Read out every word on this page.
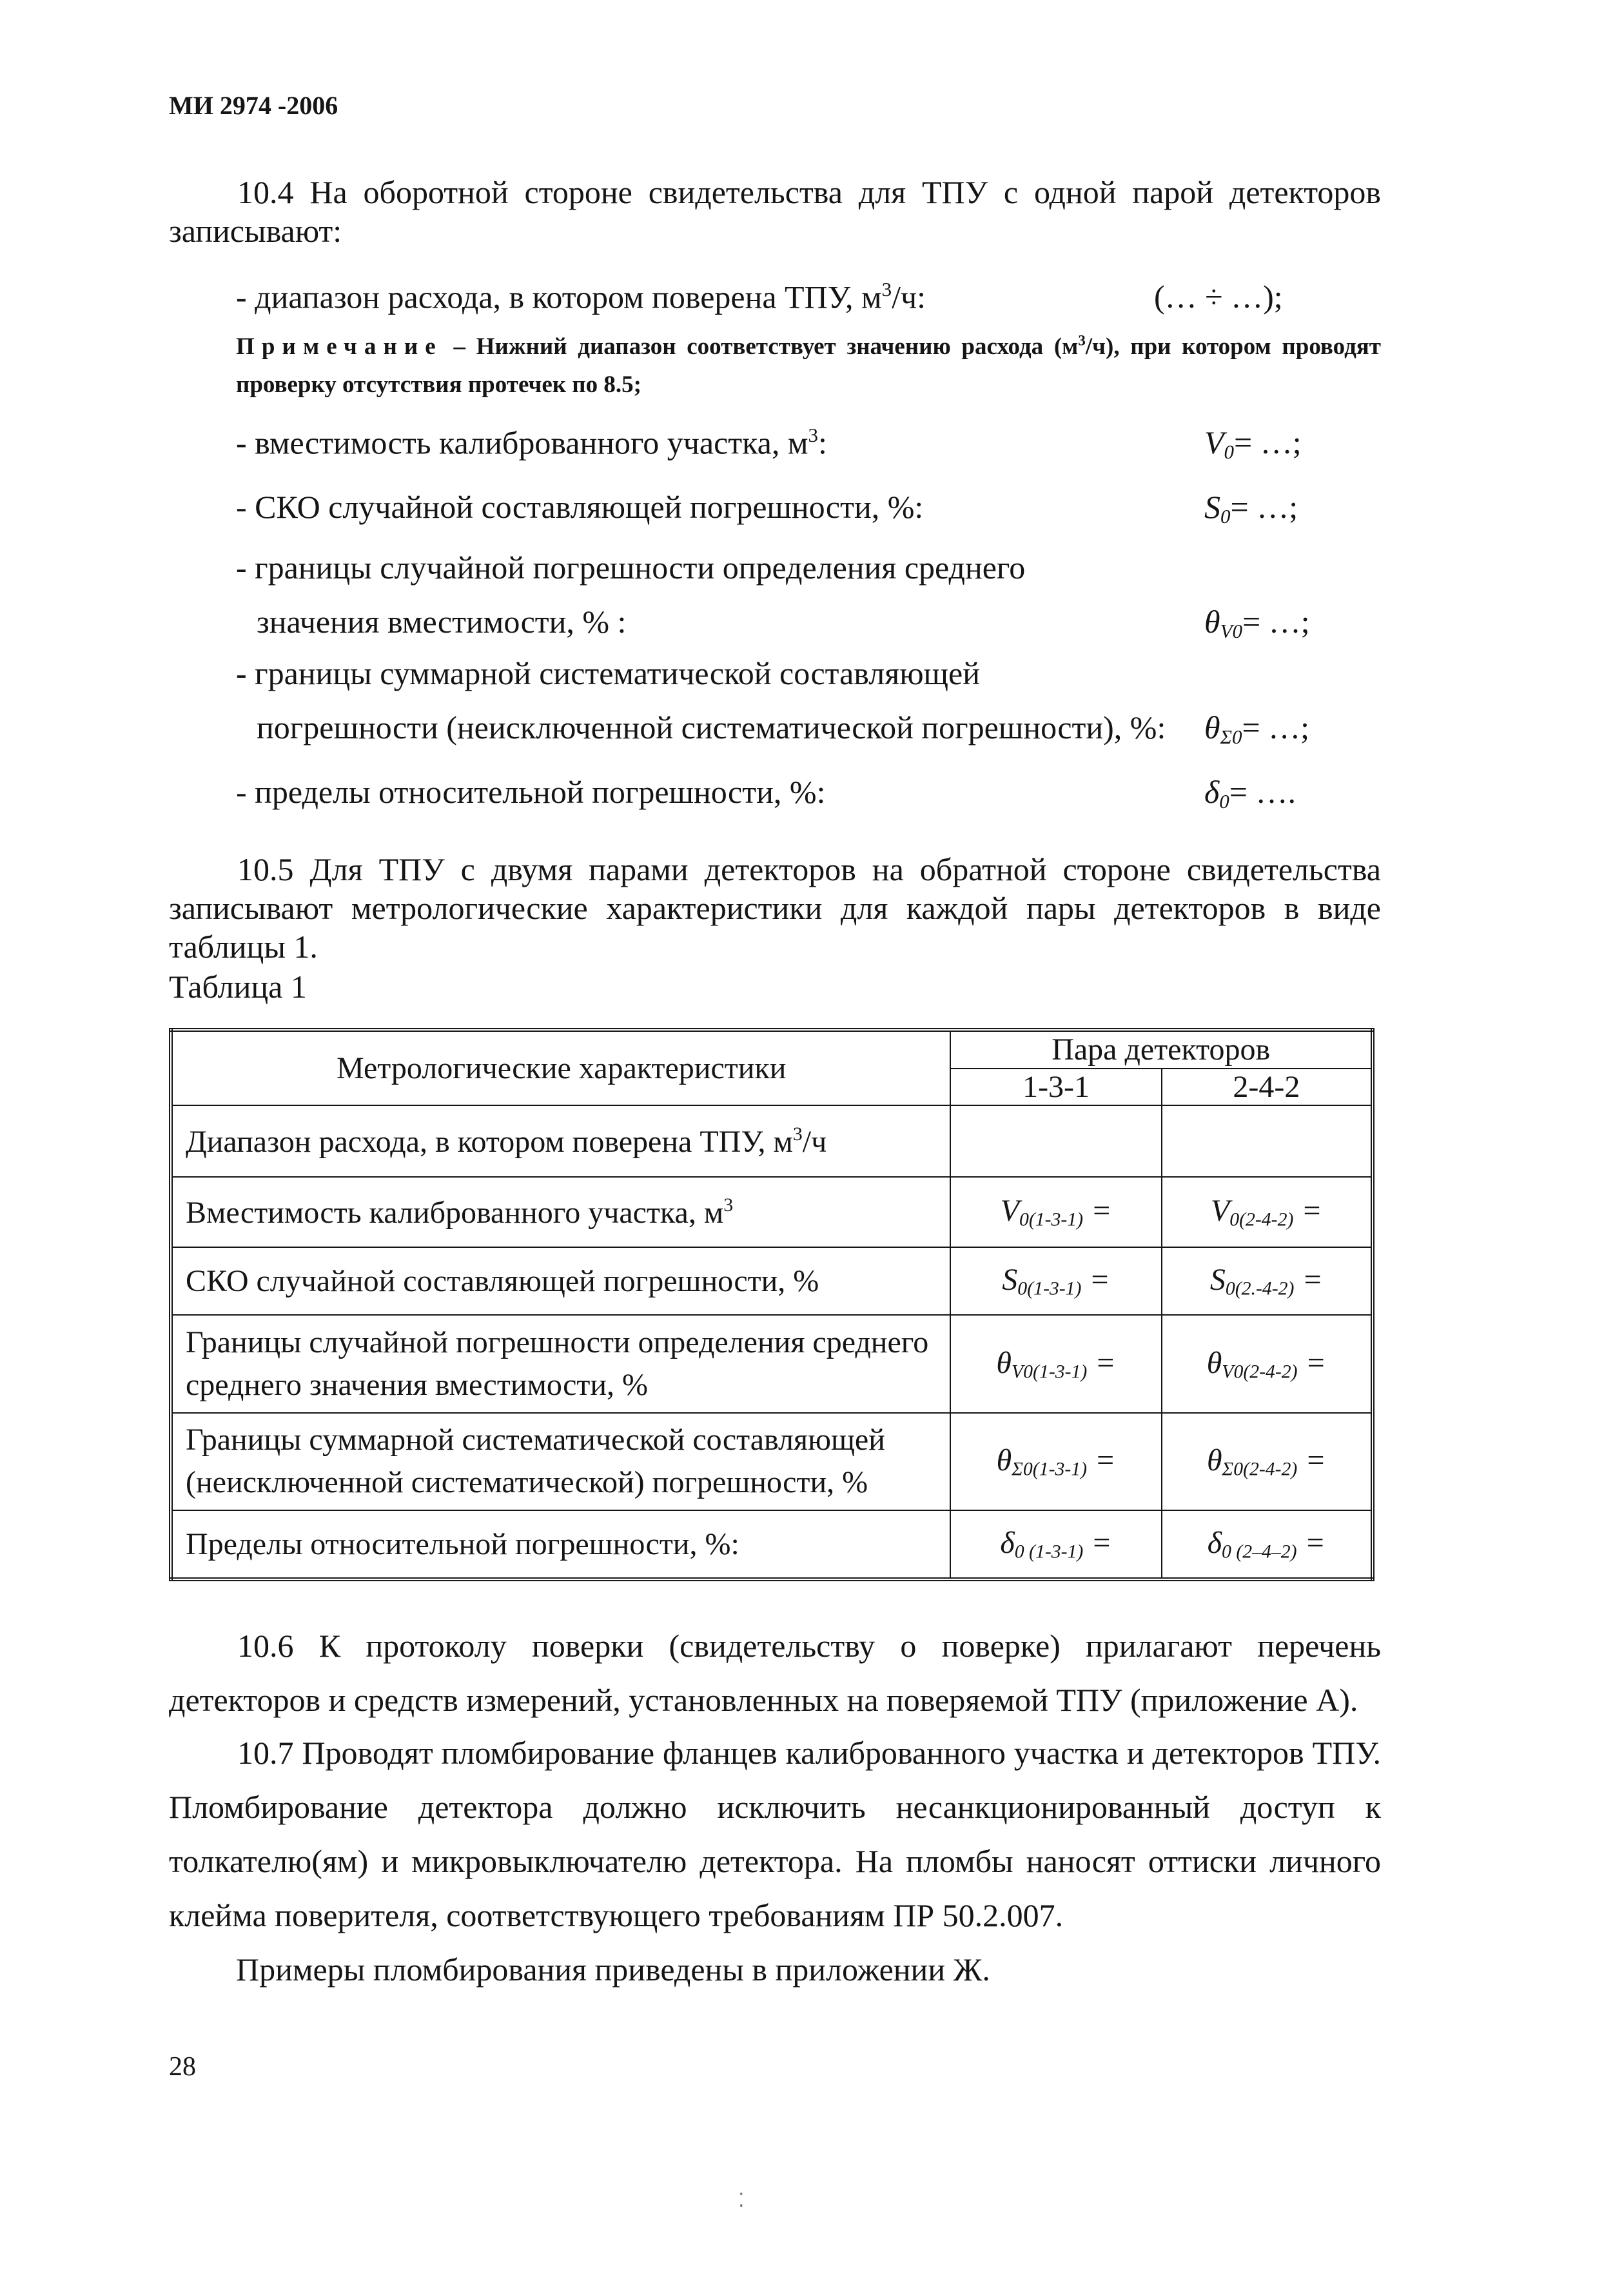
МИ 2974 -2006
10.4 На оборотной стороне свидетельства для ТПУ с одной парой детекторов записывают:
- диапазон расхода, в котором поверена ТПУ, $м^3/ч$:	(… ÷ …);
Примечание – Нижний диапазон соответствует значению расхода $(м^3/ч)$, при котором проводят проверку отсутствия протечек по 8.5;
- вместимость калиброванного участка, $м^3$:	$V_0=$ …;
- СКО случайной составляющей погрешности, %:	$S_0=$ …;
- границы случайной погрешности определения среднего
значения вместимости, % :	$\theta_{V0}=$ …;
- границы суммарной систематической составляющей
погрешности (неисключенной систематической погрешности), %: $\theta_{\Sigma 0}=$ …;
- пределы относительной погрешности, %:	$\delta_0=$ ….
10.5 Для ТПУ с двумя парами детекторов на обратной стороне свидетельства записывают метрологические характеристики для каждой пары детекторов в виде таблицы 1.
Таблица 1
Метрологические характеристики	Пара детекторов	
	1-3-1	2-4-2
Диапазон расхода, в котором поверена ТПУ, $м^3/ч$		
Вместимость калиброванного участка, $м^3$	$V_{0(1-3-1)}$ =	$V_{0(2-4-2)}$ =
СКО случайной составляющей погрешности, %	$S_{0(1-3-1)}$ =	$S_{0(2.-4-2)}$ =
Границы случайной погрешности определения среднего среднего значения вместимости, %	$\theta_{V0(1-3-1)}$ =	$\theta_{V0(2-4-2)}$ =
Границы суммарной систематической составляющей (неисключенной систематической) погрешности, %	$\theta_{\Sigma 0(1-3-1)}$ =	$\theta_{\Sigma 0(2-4-2)}$ =
Пределы относительной погрешности, %:	$\delta_{0 (1-3-1)}$ =	$\delta_{0 (2-4-2)}$ =
10.6 К протоколу поверки (свидетельству о поверке) прилагают перечень детекторов и средств измерений, установленных на поверяемой ТПУ (приложение А).
10.7 Проводят пломбирование фланцев калиброванного участка и детекторов ТПУ. Пломбирование детектора должно исключить несанкционированный доступ к толкателю(ям) и микровыключателю детектора. На пломбы наносят оттиски личного клейма поверителя, соответствующего требованиям ПР 50.2.007.
Примеры пломбирования приведены в приложении Ж.
28
⁚
